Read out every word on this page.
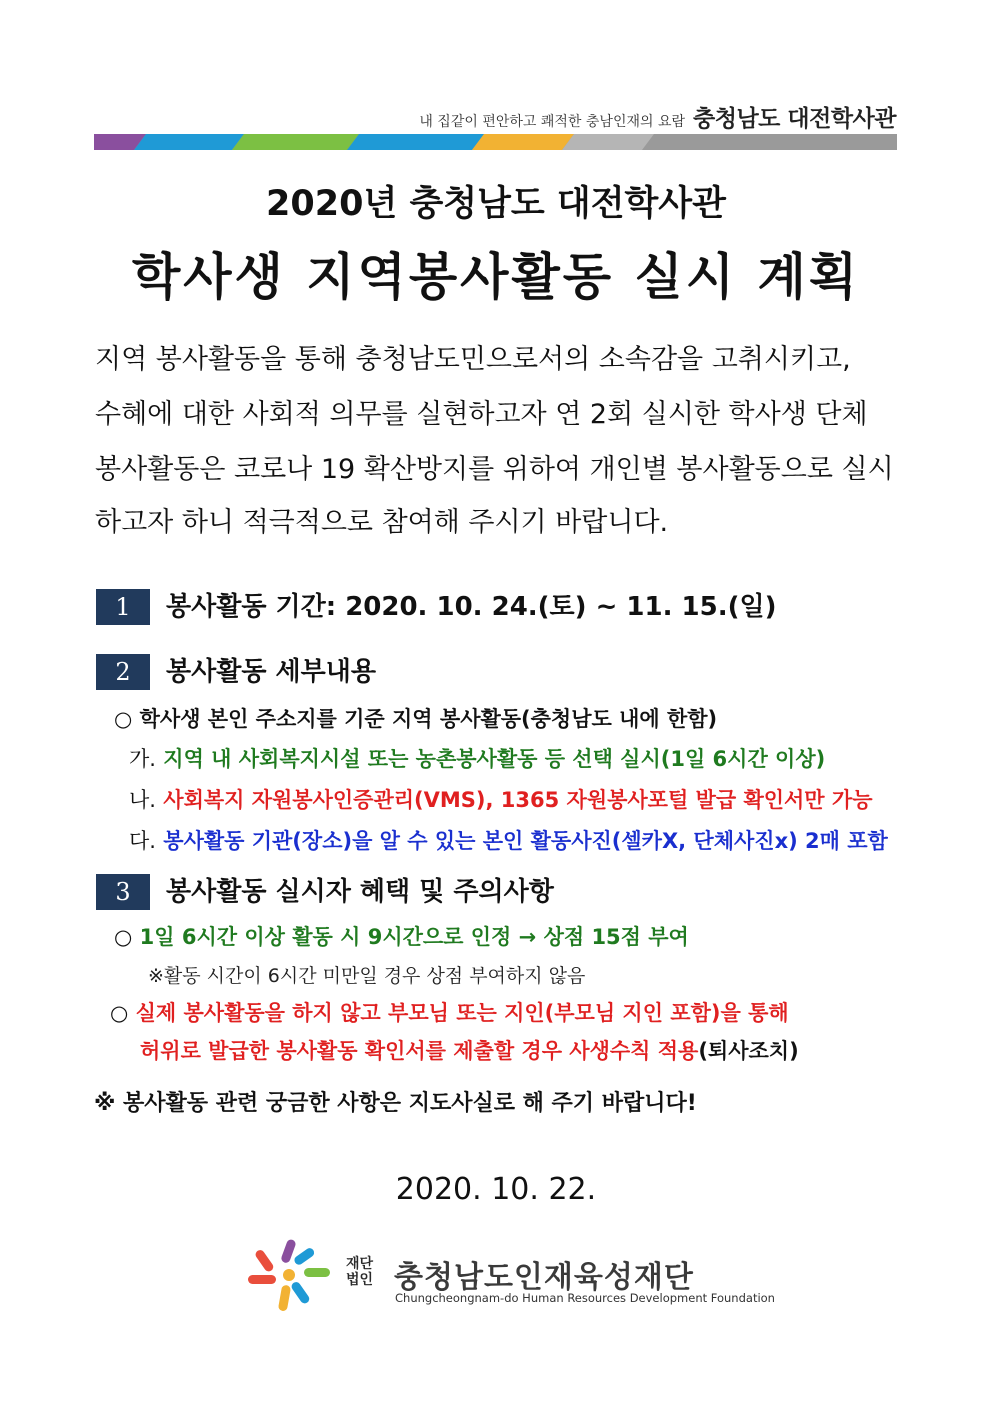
내 집같이 편안하고 쾌적한 충남인재의 요람 충청남도 대전학사관
2020년 충청남도 대전학사관
학사생 지역봉사활동 실시 계획
지역 봉사활동을 통해 충청남도민으로서의 소속감을 고취시키고,
수혜에 대한 사회적 의무를 실현하고자 연 2회 실시한 학사생 단체
봉사활동은 코로나 19 확산방지를 위하여 개인별 봉사활동으로 실시
하고자 하니 적극적으로 참여해 주시기 바랍니다.
1	봉사활동 기간: 2020. 10. 24.(토) ~ 11. 15.(일)
2	봉사활동 세부내용
○ 학사생 본인 주소지를 기준 지역 봉사활동(충청남도 내에 한함)
가. 지역 내 사회복지시설 또는 농촌봉사활동 등 선택 실시(1일 6시간 이상)
나. 사회복지 자원봉사인증관리(VMS), 1365 자원봉사포털 발급 확인서만 가능
다. 봉사활동 기관(장소)을 알 수 있는 본인 활동사진(셀카X, 단체사진x) 2매 포함
3	봉사활동 실시자 혜택 및 주의사항
○ 1일 6시간 이상 활동 시 9시간으로 인정 → 상점 15점 부여
※활동 시간이 6시간 미만일 경우 상점 부여하지 않음
○ 실제 봉사활동을 하지 않고 부모님 또는 지인(부모님 지인 포함)을 통해
허위로 발급한 봉사활동 확인서를 제출할 경우 사생수칙 적용(퇴사조치)
※ 봉사활동 관련 궁금한 사항은 지도사실로 해 주기 바랍니다!
2020. 10. 22.
재단
법인 충청남도인재육성재단
Chungcheongnam-do Human Resources Development Foundation
